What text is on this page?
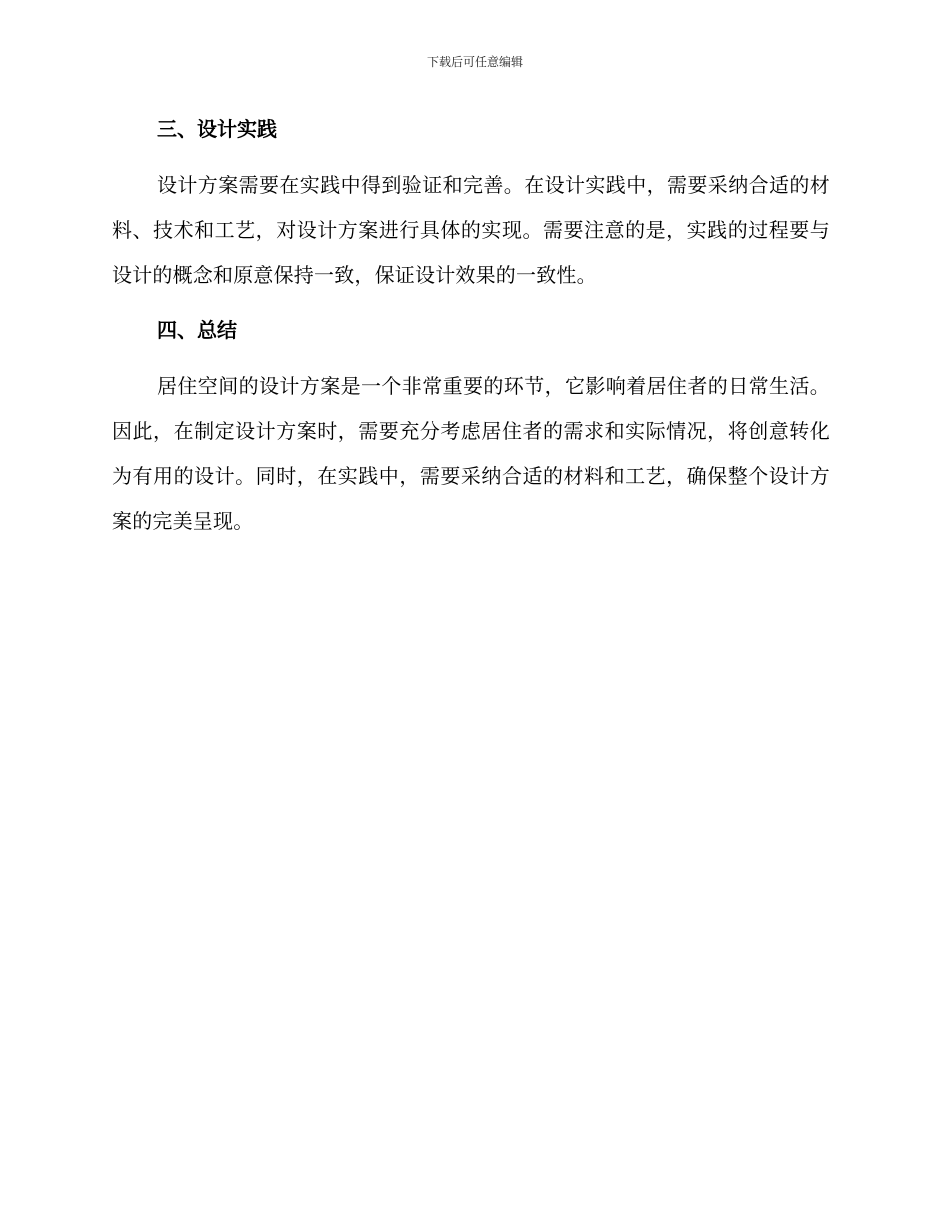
下载后可任意编辑
三、设计实践

设计方案需要在实践中得到验证和完善。在设计实践中，需要采纳合适的材料、技术和工艺，对设计方案进行具体的实现。需要注意的是，实践的过程要与设计的概念和原意保持一致，保证设计效果的一致性。

四、总结

居住空间的设计方案是一个非常重要的环节，它影响着居住者的日常生活。因此，在制定设计方案时，需要充分考虑居住者的需求和实际情况，将创意转化为有用的设计。同时，在实践中，需要采纳合适的材料和工艺，确保整个设计方案的完美呈现。
